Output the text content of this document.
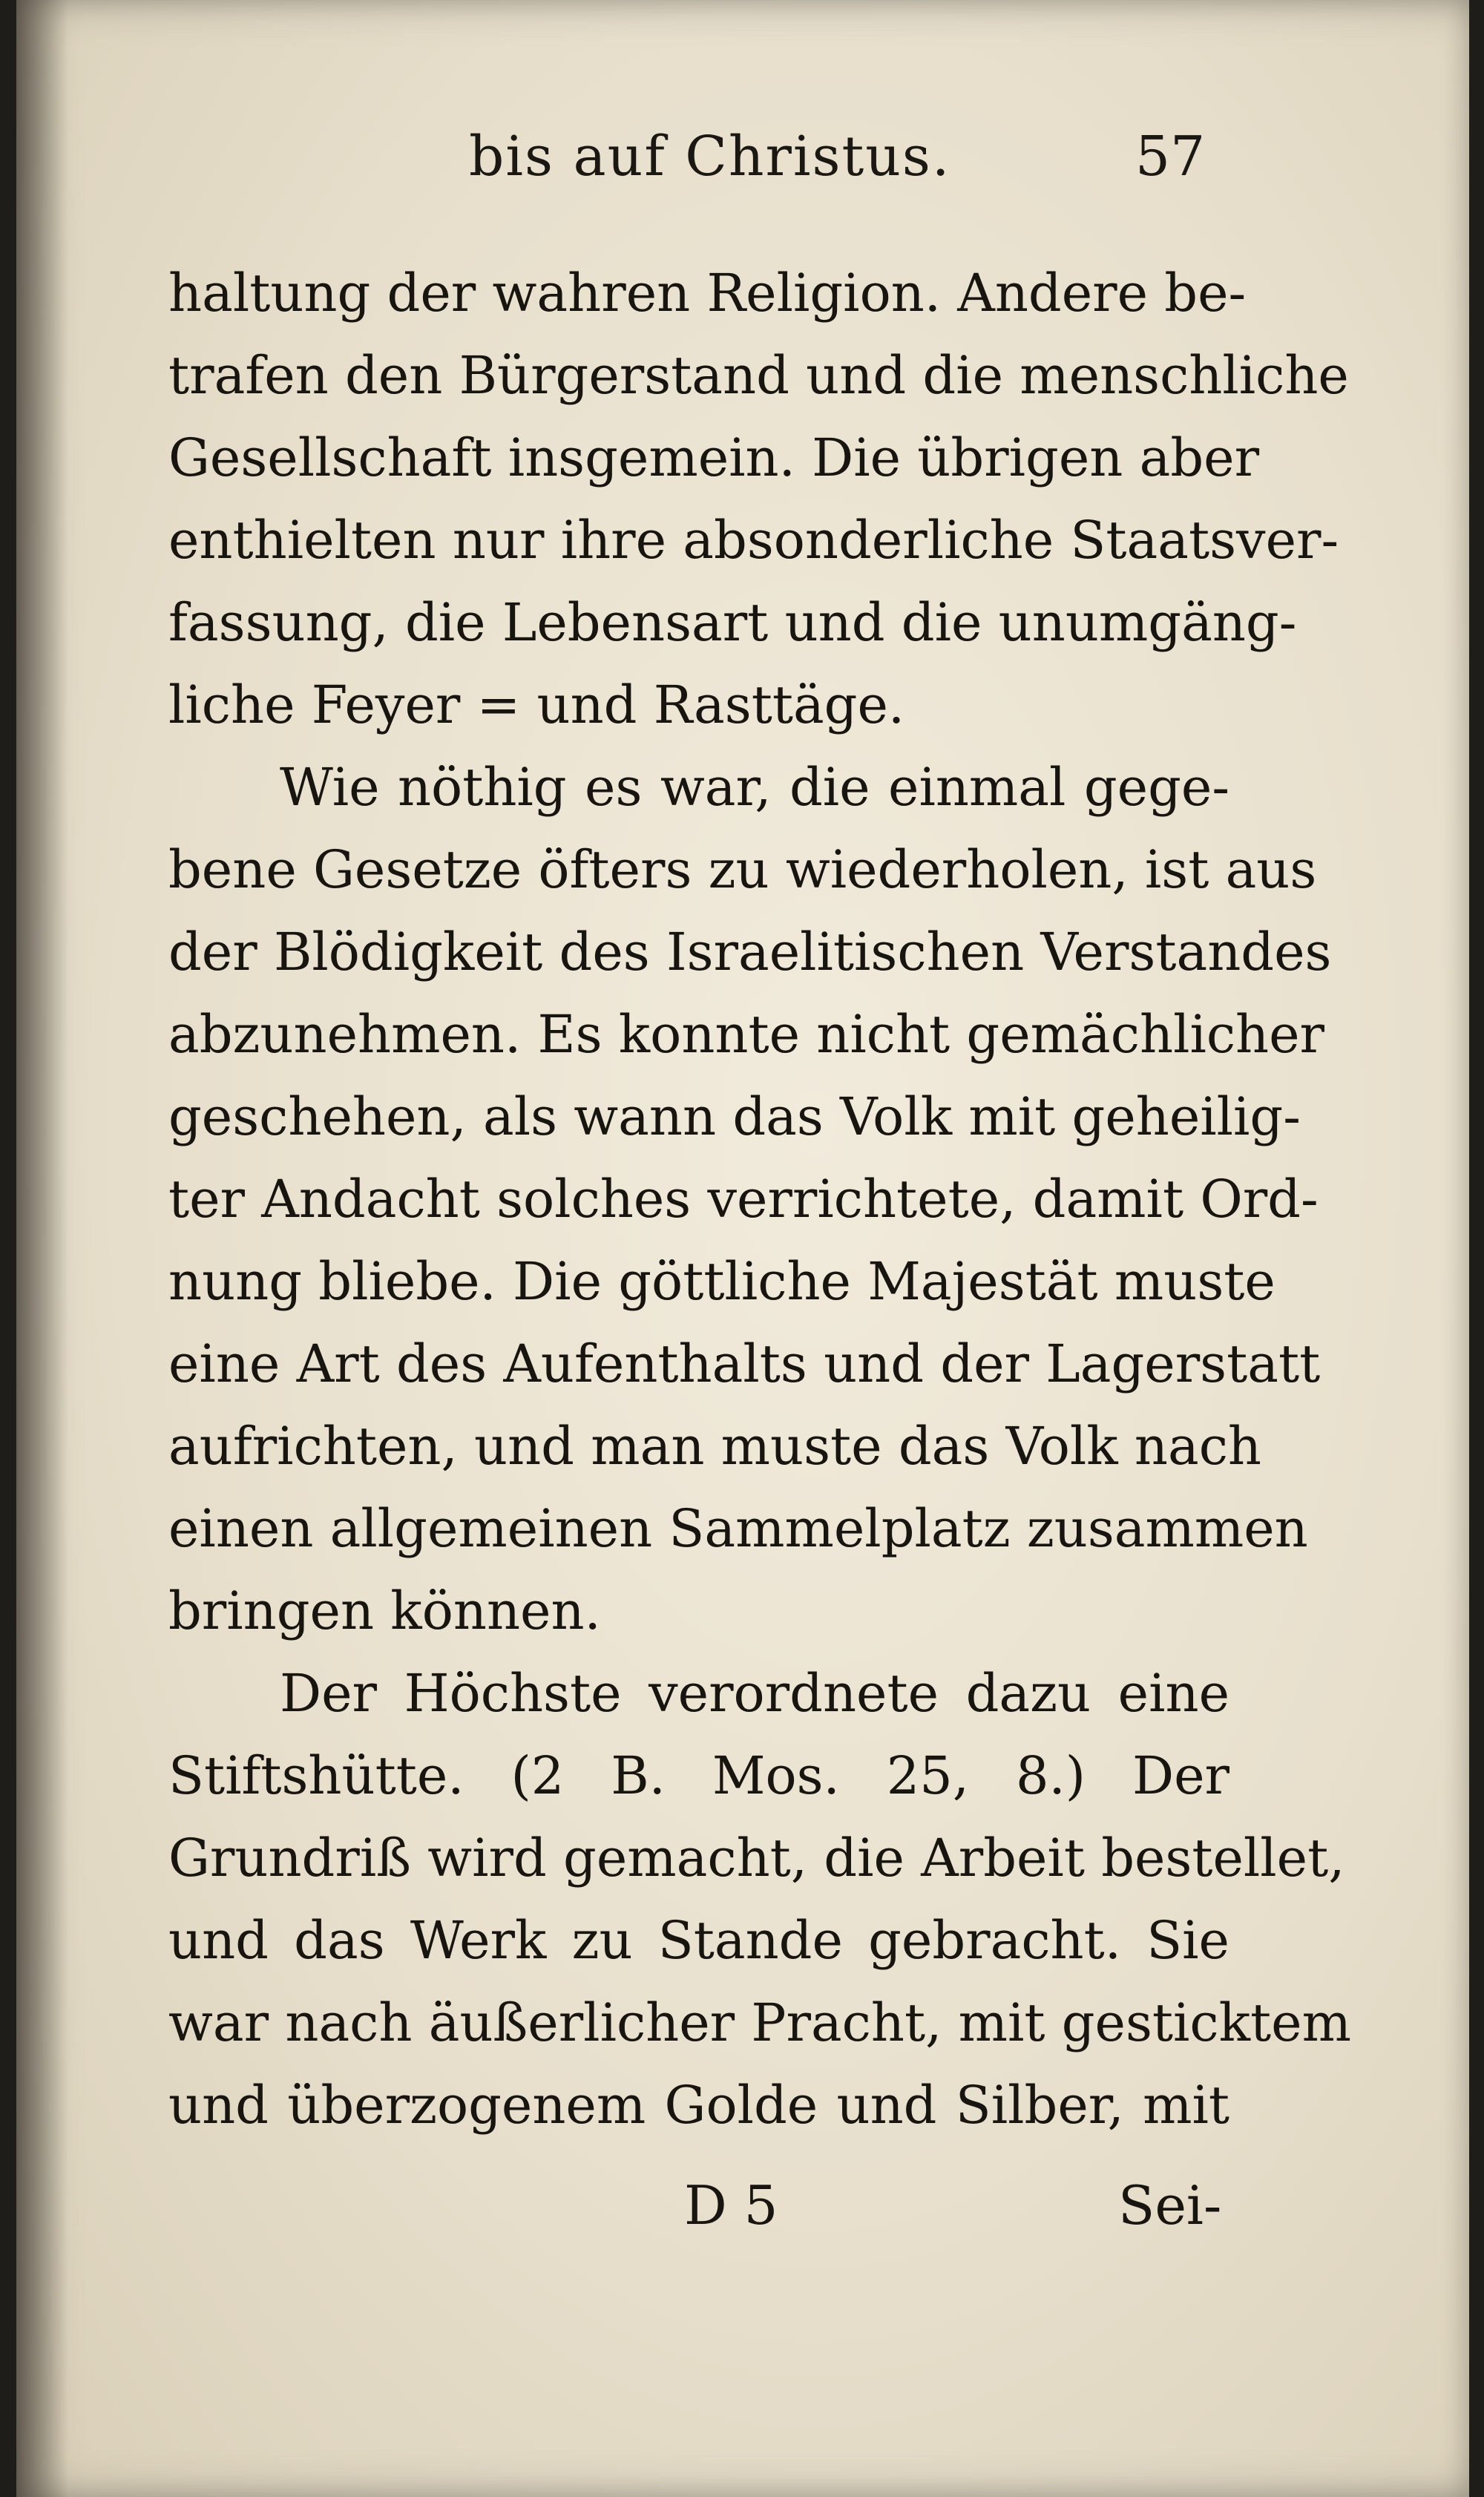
bis auf Christus.	57
haltung der wahren Religion. Andere be-
trafen den Bürgerstand und die menschliche
Gesellschaft insgemein. Die übrigen aber
enthielten nur ihre absonderliche Staatsver-
fassung, die Lebensart und die unumgäng-
liche Feyer = und Rasttäge.
Wie nöthig es war, die einmal gege-
bene Gesetze öfters zu wiederholen, ist aus
der Blödigkeit des Israelitischen Verstandes
abzunehmen. Es konnte nicht gemächlicher
geschehen, als wann das Volk mit geheilig-
ter Andacht solches verrichtete, damit Ord-
nung bliebe. Die göttliche Majestät muste
eine Art des Aufenthalts und der Lagerstatt
aufrichten, und man muste das Volk nach
einen allgemeinen Sammelplatz zusammen
bringen können.
Der Höchste verordnete dazu eine
Stiftshütte. (2 B. Mos. 25, 8.) Der
Grundriß wird gemacht, die Arbeit bestellet,
und das Werk zu Stande gebracht. Sie
war nach äußerlicher Pracht, mit gesticktem
und überzogenem Golde und Silber, mit
D 5	Sei-
